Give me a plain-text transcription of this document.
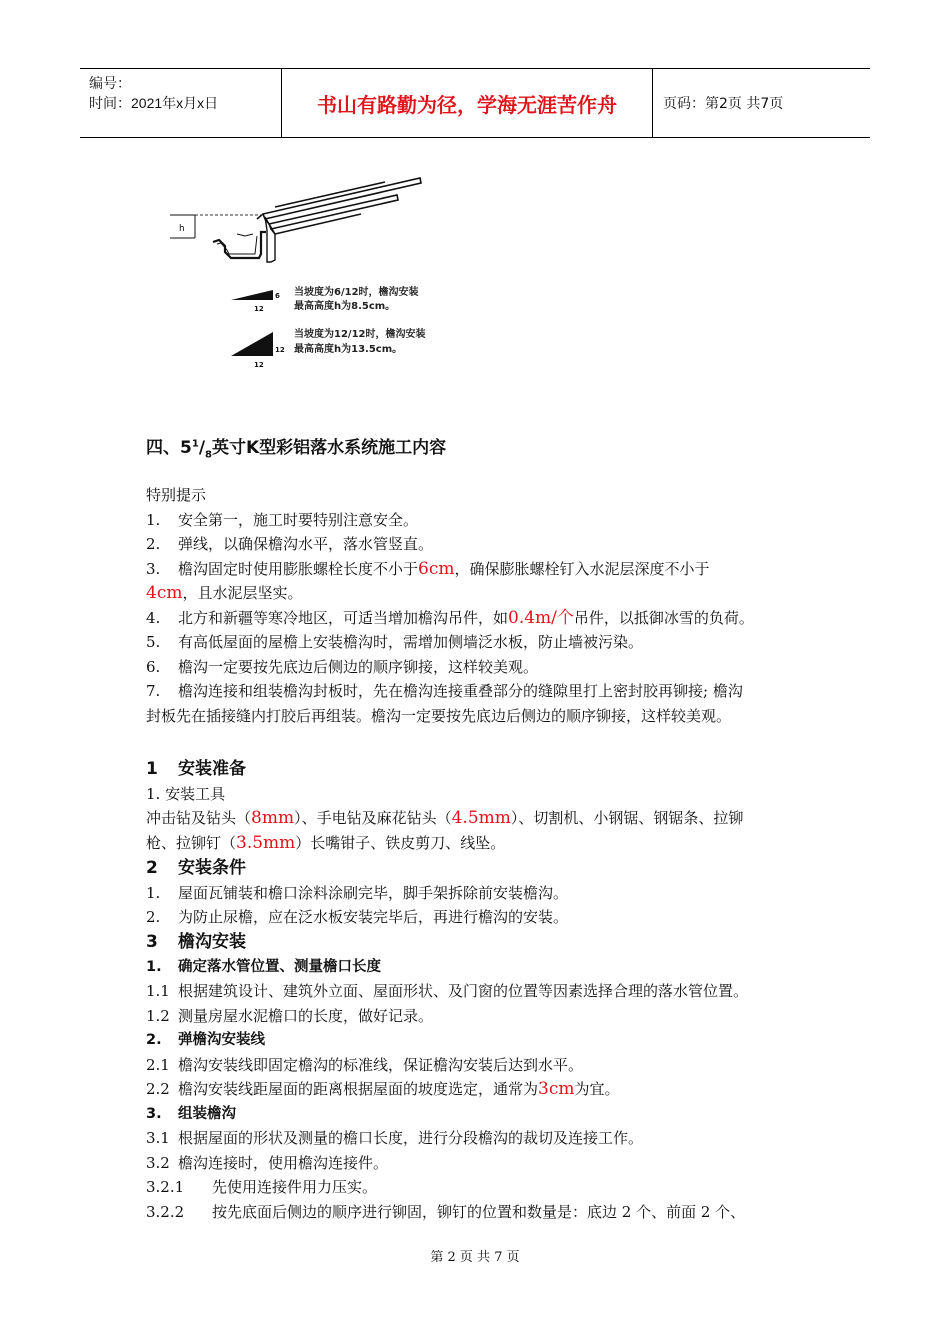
编号：
时间：2021年x月x日	书山有路勤为径，学海无涯苦作舟	页码：第2页 共7页
h
6
12
当坡度为6/12时，檐沟安装
最高高度h为8.5cm。
12
12
当坡度为12/12时，檐沟安装
最高高度h为13.5cm。
四、$5^1/_8$英寸K型彩铝落水系统施工内容
特别提示
1. 安全第一，施工时要特别注意安全。
2. 弹线，以确保檐沟水平，落水管竖直。
3. 檐沟固定时使用膨胀螺栓长度不小于6cm，确保膨胀螺栓钉入水泥层深度不小于
4cm，且水泥层坚实。
4. 北方和新疆等寒冷地区，可适当增加檐沟吊件，如0.4m/个吊件，以抵御冰雪的负荷。
5. 有高低屋面的屋檐上安装檐沟时，需增加侧墙泛水板，防止墙被污染。
6. 檐沟一定要按先底边后侧边的顺序铆接，这样较美观。
7. 檐沟连接和组装檐沟封板时，先在檐沟连接重叠部分的缝隙里打上密封胶再铆接; 檐沟
封板先在插接缝内打胶后再组装。檐沟一定要按先底边后侧边的顺序铆接，这样较美观。
1 安装准备
1. 安装工具
冲击钻及钻头（8mm）、手电钻及麻花钻头（4.5mm）、切割机、小钢锯、钢锯条、拉铆
枪、拉铆钉（3.5mm）长嘴钳子、铁皮剪刀、线坠。
2 安装条件
1. 屋面瓦铺装和檐口涂料涂刷完毕，脚手架拆除前安装檐沟。
2. 为防止尿檐，应在泛水板安装完毕后，再进行檐沟的安装。
3 檐沟安装
1. 确定落水管位置、测量檐口长度
1.1 根据建筑设计、建筑外立面、屋面形状、及门窗的位置等因素选择合理的落水管位置。
1.2 测量房屋水泥檐口的长度，做好记录。
2. 弹檐沟安装线
2.1 檐沟安装线即固定檐沟的标准线，保证檐沟安装后达到水平。
2.2 檐沟安装线距屋面的距离根据屋面的坡度选定，通常为3cm为宜。
3. 组装檐沟
3.1 根据屋面的形状及测量的檐口长度，进行分段檐沟的裁切及连接工作。
3.2 檐沟连接时，使用檐沟连接件。
3.2.1 先使用连接件用力压实。
3.2.2 按先底面后侧边的顺序进行铆固，铆钉的位置和数量是：底边 2 个、前面 2 个、
第 2 页 共 7 页
